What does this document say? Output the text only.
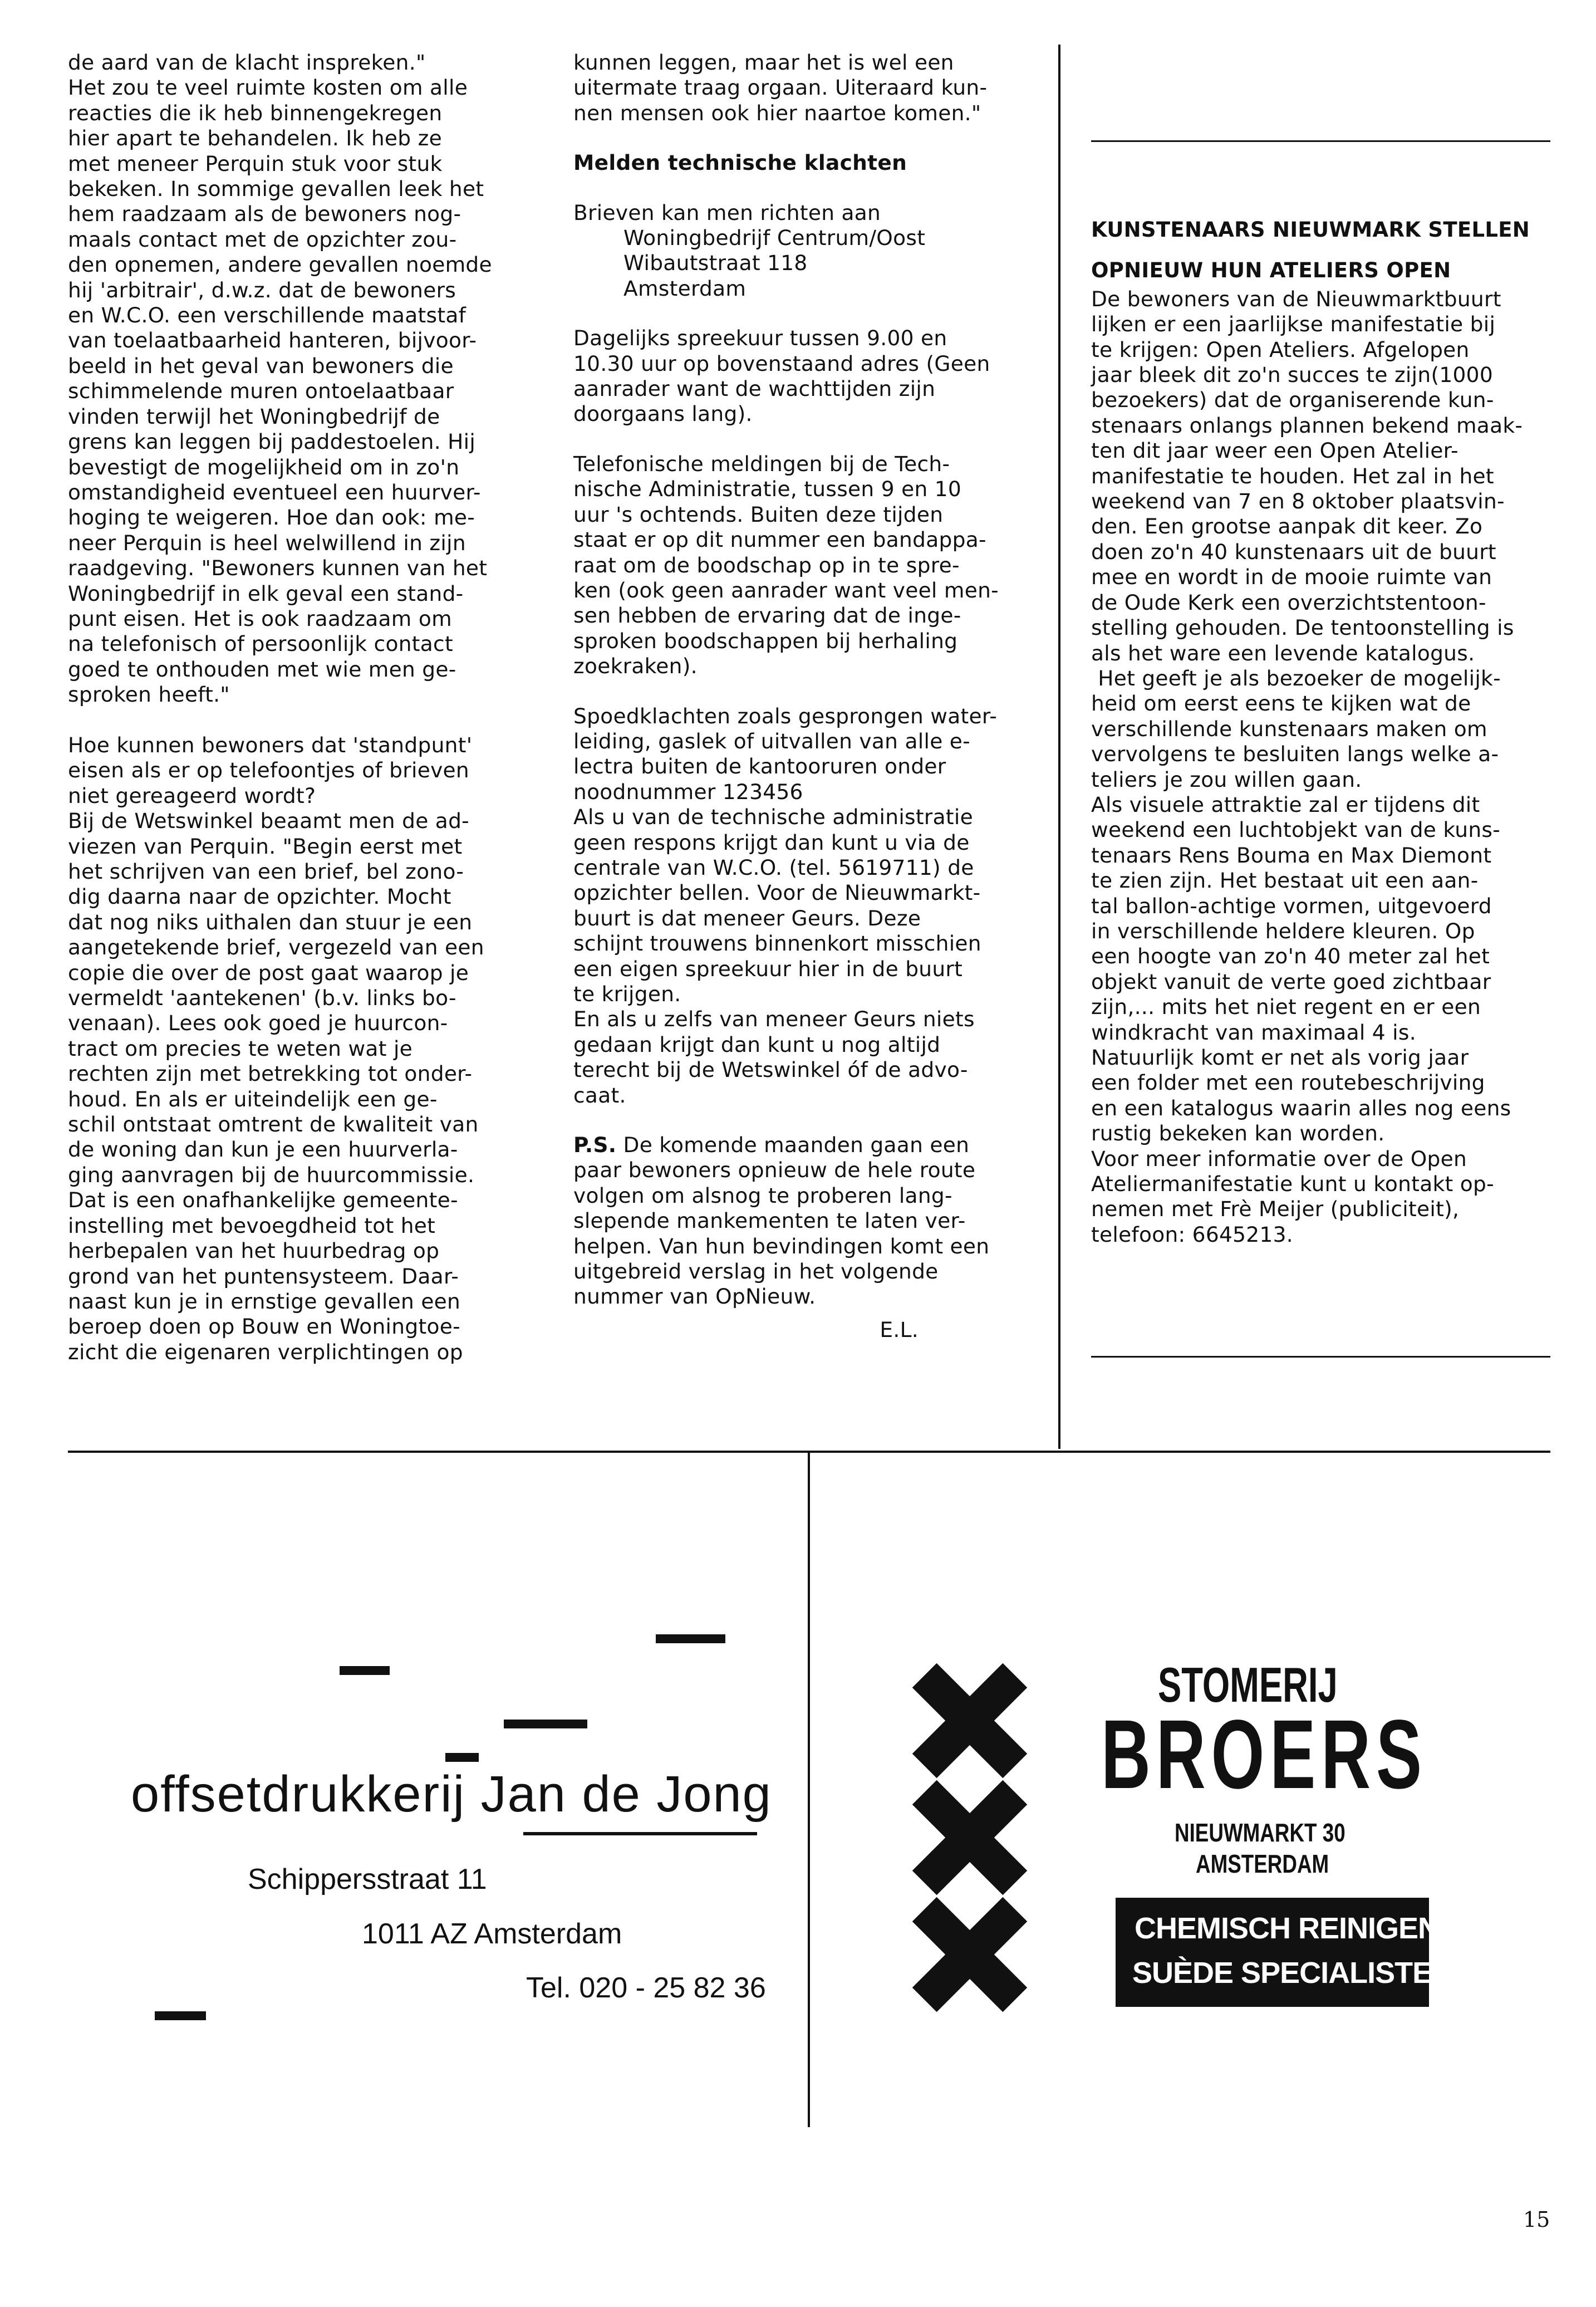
de aard van de klacht inspreken."

Het zou te veel ruimte kosten om alle

reacties die ik heb binnengekregen

hier apart te behandelen. Ik heb ze

met meneer Perquin stuk voor stuk

bekeken. In sommige gevallen leek het

hem raadzaam als de bewoners nog-

maals contact met de opzichter zou-

den opnemen, andere gevallen noemde

hij 'arbitrair', d.w.z. dat de bewoners

en W.C.O. een verschillende maatstaf

van toelaatbaarheid hanteren, bijvoor-

beeld in het geval van bewoners die

schimmelende muren ontoelaatbaar

vinden terwijl het Woningbedrijf de

grens kan leggen bij paddestoelen. Hij

bevestigt de mogelijkheid om in zo'n

omstandigheid eventueel een huurver-

hoging te weigeren. Hoe dan ook: me-

neer Perquin is heel welwillend in zijn

raadgeving. "Bewoners kunnen van het

Woningbedrijf in elk geval een stand-

punt eisen. Het is ook raadzaam om

na telefonisch of persoonlijk contact

goed te onthouden met wie men ge-

sproken heeft."

Hoe kunnen bewoners dat 'standpunt'

eisen als er op telefoontjes of brieven

niet gereageerd wordt?

Bij de Wetswinkel beaamt men de ad-

viezen van Perquin. "Begin eerst met

het schrijven van een brief, bel zono-

dig daarna naar de opzichter. Mocht

dat nog niks uithalen dan stuur je een

aangetekende brief, vergezeld van een

copie die over de post gaat waarop je

vermeldt 'aantekenen' (b.v. links bo-

venaan). Lees ook goed je huurcon-

tract om precies te weten wat je

rechten zijn met betrekking tot onder-

houd. En als er uiteindelijk een ge-

schil ontstaat omtrent de kwaliteit van

de woning dan kun je een huurverla-

ging aanvragen bij de huurcommissie.

Dat is een onafhankelijke gemeente-

instelling met bevoegdheid tot het

herbepalen van het huurbedrag op

grond van het puntensysteem. Daar-

naast kun je in ernstige gevallen een

beroep doen op Bouw en Woningtoe-

zicht die eigenaren verplichtingen op

kunnen leggen, maar het is wel een

uitermate traag orgaan. Uiteraard kun-

nen mensen ook hier naartoe komen."

Melden technische klachten

Brieven kan men richten aan

Woningbedrijf Centrum/Oost

Wibautstraat 118

Amsterdam

Dagelijks spreekuur tussen 9.00 en

10.30 uur op bovenstaand adres (Geen

aanrader want de wachttijden zijn

doorgaans lang).

Telefonische meldingen bij de Tech-

nische Administratie, tussen 9 en 10

uur 's ochtends. Buiten deze tijden

staat er op dit nummer een bandappa-

raat om de boodschap op in te spre-

ken (ook geen aanrader want veel men-

sen hebben de ervaring dat de inge-

sproken boodschappen bij herhaling

zoekraken).

Spoedklachten zoals gesprongen water-

leiding, gaslek of uitvallen van alle e-

lectra buiten de kantooruren onder

noodnummer 123456

Als u van de technische administratie

geen respons krijgt dan kunt u via de

centrale van W.C.O. (tel. 5619711) de

opzichter bellen. Voor de Nieuwmarkt-

buurt is dat meneer Geurs. Deze

schijnt trouwens binnenkort misschien

een eigen spreekuur hier in de buurt

te krijgen.

En als u zelfs van meneer Geurs niets

gedaan krijgt dan kunt u nog altijd

terecht bij de Wetswinkel óf de advo-

caat.

P.S. De komende maanden gaan een

paar bewoners opnieuw de hele route

volgen om alsnog te proberen lang-

slepende mankementen te laten ver-

helpen. Van hun bevindingen komt een

uitgebreid verslag in het volgende

nummer van OpNieuw.

E.L.

KUNSTENAARS NIEUWMARK STELLEN

OPNIEUW HUN ATELIERS OPEN

De bewoners van de Nieuwmarktbuurt

lijken er een jaarlijkse manifestatie bij

te krijgen: Open Ateliers. Afgelopen

jaar bleek dit zo'n succes te zijn(1000

bezoekers) dat de organiserende kun-

stenaars onlangs plannen bekend maak-

ten dit jaar weer een Open Atelier-

manifestatie te houden. Het zal in het

weekend van 7 en 8 oktober plaatsvin-

den. Een grootse aanpak dit keer. Zo

doen zo'n 40 kunstenaars uit de buurt

mee en wordt in de mooie ruimte van

de Oude Kerk een overzichtstentoon-

stelling gehouden. De tentoonstelling is

als het ware een levende katalogus.

Het geeft je als bezoeker de mogelijk-

heid om eerst eens te kijken wat de

verschillende kunstenaars maken om

vervolgens te besluiten langs welke a-

teliers je zou willen gaan.

Als visuele attraktie zal er tijdens dit

weekend een luchtobjekt van de kuns-

tenaars Rens Bouma en Max Diemont

te zien zijn. Het bestaat uit een aan-

tal ballon-achtige vormen, uitgevoerd

in verschillende heldere kleuren. Op

een hoogte van zo'n 40 meter zal het

objekt vanuit de verte goed zichtbaar

zijn,... mits het niet regent en er een

windkracht van maximaal 4 is.

Natuurlijk komt er net als vorig jaar

een folder met een routebeschrijving

en een katalogus waarin alles nog eens

rustig bekeken kan worden.

Voor meer informatie over de Open

Ateliermanifestatie kunt u kontakt op-

nemen met Frè Meijer (publiciteit),

telefoon: 6645213.

offsetdrukkerij Jan de Jong
Schippersstraat 11
1011 AZ Amsterdam
Tel. 020 - 25 82 36
STOMERIJ
BROERS
NIEUWMARKT 30
AMSTERDAM
CHEMISCH REINIGEN
SUÈDE SPECIALISTEN
15
